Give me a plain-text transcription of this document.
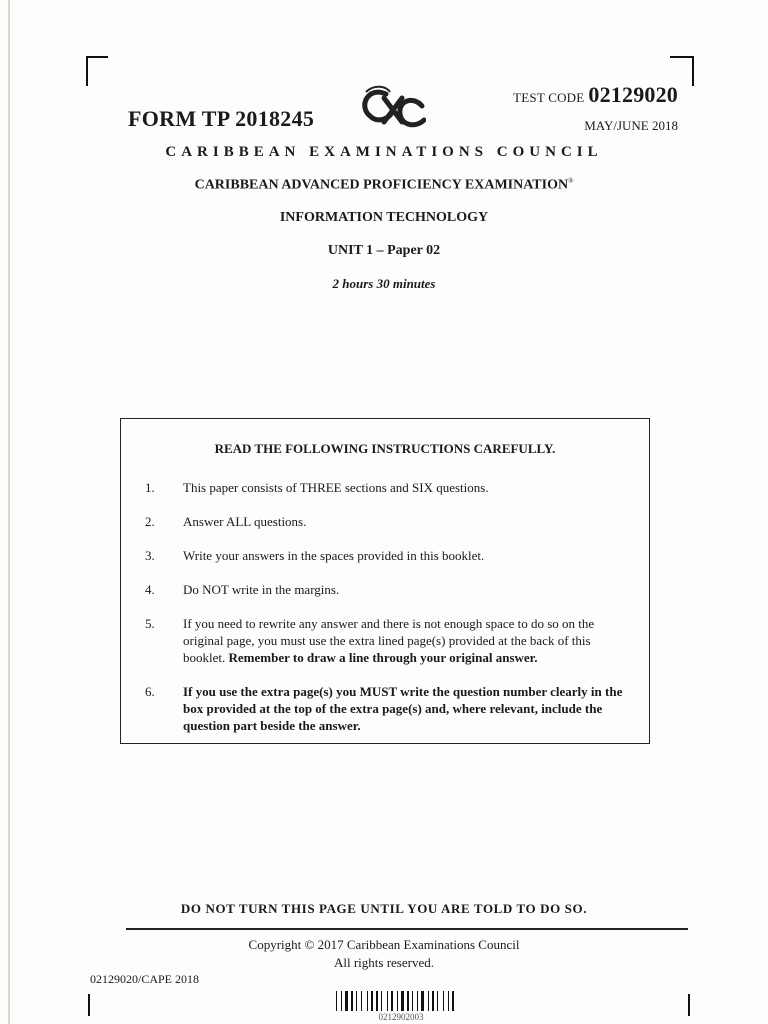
TEST CODE 02129020
FORM TP 2018245	MAY/JUNE 2018
CARIBBEAN EXAMINATIONS COUNCIL
CARIBBEAN ADVANCED PROFICIENCY EXAMINATION®
INFORMATION TECHNOLOGY
UNIT 1 – Paper 02
2 hours 30 minutes
READ THE FOLLOWING INSTRUCTIONS CAREFULLY.
1.	This paper consists of THREE sections and SIX questions.
2.	Answer ALL questions.
3.	Write your answers in the spaces provided in this booklet.
4.	Do NOT write in the margins.
5.	If you need to rewrite any answer and there is not enough space to do so on the original page, you must use the extra lined page(s) provided at the back of this booklet. Remember to draw a line through your original answer.
6.	If you use the extra page(s) you MUST write the question number clearly in the box provided at the top of the extra page(s) and, where relevant, include the question part beside the answer.
DO NOT TURN THIS PAGE UNTIL YOU ARE TOLD TO DO SO.
Copyright © 2017 Caribbean Examinations Council
All rights reserved.
02129020/CAPE 2018
0212902003
